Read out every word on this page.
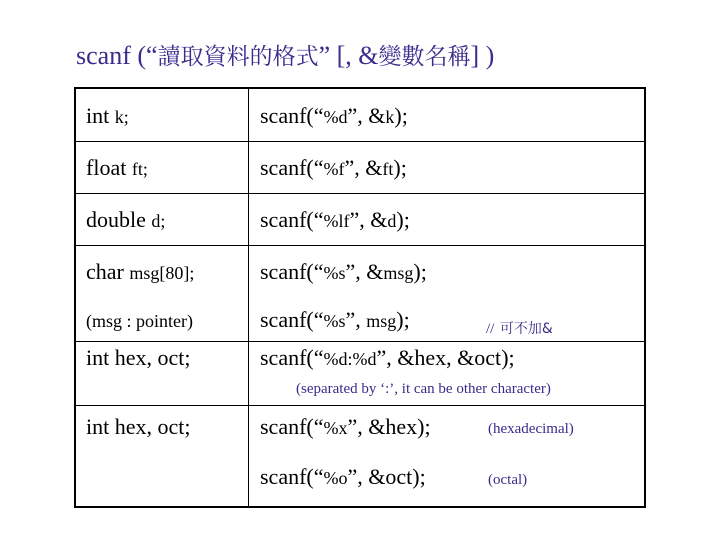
scanf (“讀取資料的格式” [, &變數名稱] )
int k;	scanf(“%d”, &k);
float ft;	scanf(“%f”, &ft);
double d;	scanf(“%lf”, &d);
char msg[80];	scanf(“%s”, &msg);
(msg : pointer)	scanf(“%s”, msg);	// 可不加&
int hex, oct;	scanf(“%d:%d”, &hex, &oct);
(separated by ‘:’, it can be other character)
int hex, oct;	scanf(“%x”, &hex);	(hexadecimal)
scanf(“%o”, &oct);	(octal)
